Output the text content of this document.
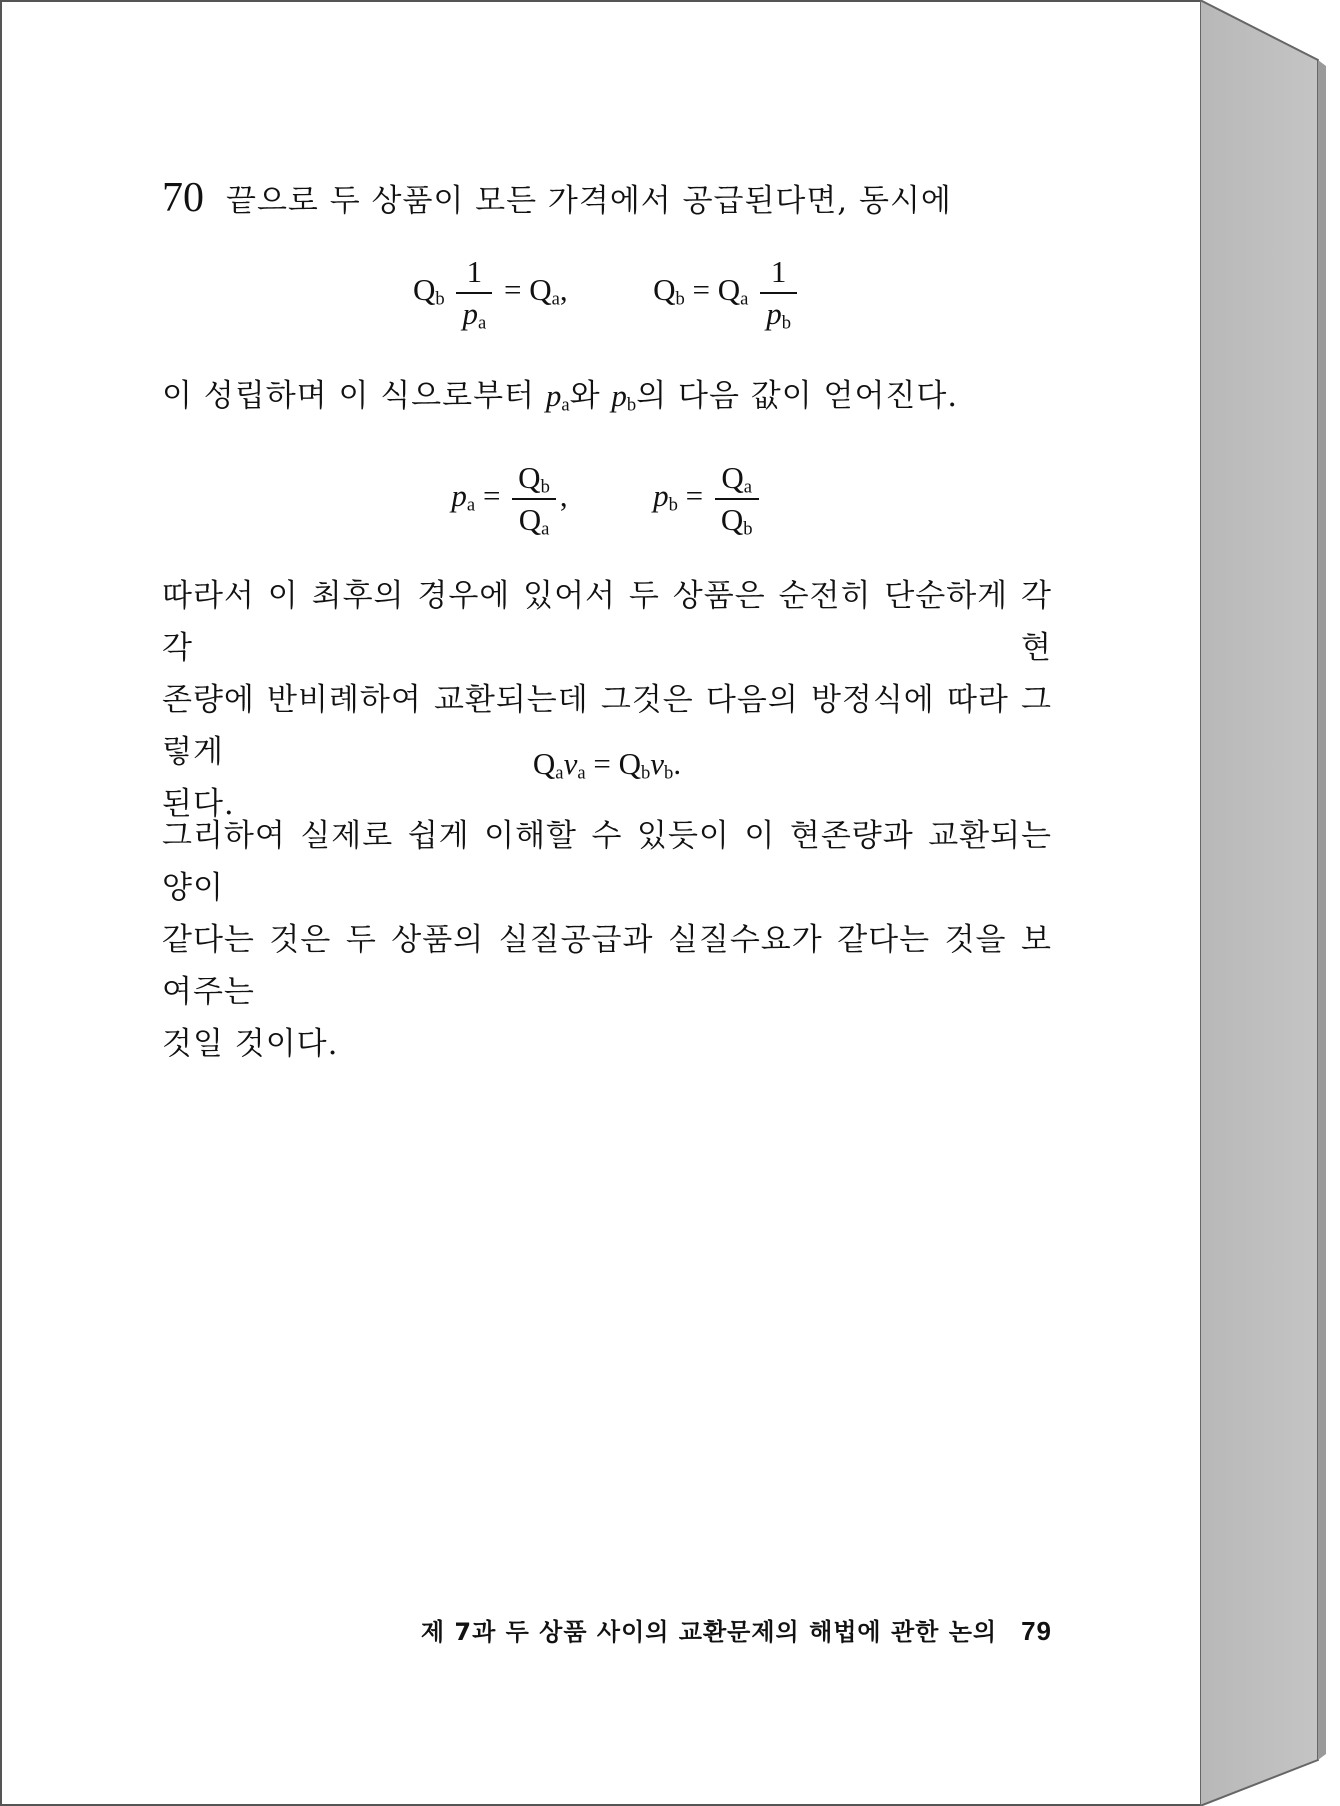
70 끝으로 두 상품이 모든 가격에서 공급된다면, 동시에
$Q_b \frac{1}{p_a} = Q_a$,	$Q_b = Q_a \frac{1}{p_b}$
이 성립하며 이 식으로부터 $p_a$와 $p_b$의 다음 값이 얻어진다.
$p_a = \frac{Q_b}{Q_a}$ ,	$p_b = \frac{Q_a}{Q_b}$
따라서 이 최후의 경우에 있어서 두 상품은 순전히 단순하게 각각 현
존량에 반비례하여 교환되는데 그것은 다음의 방정식에 따라 그렇게
된다.
$Q_av_a = Q_bv_b$.
그리하여 실제로 쉽게 이해할 수 있듯이 이 현존량과 교환되는 양이
같다는 것은 두 상품의 실질공급과 실질수요가 같다는 것을 보여주는
것일 것이다.
제 7과 두 상품 사이의 교환문제의 해법에 관한 논의 79
